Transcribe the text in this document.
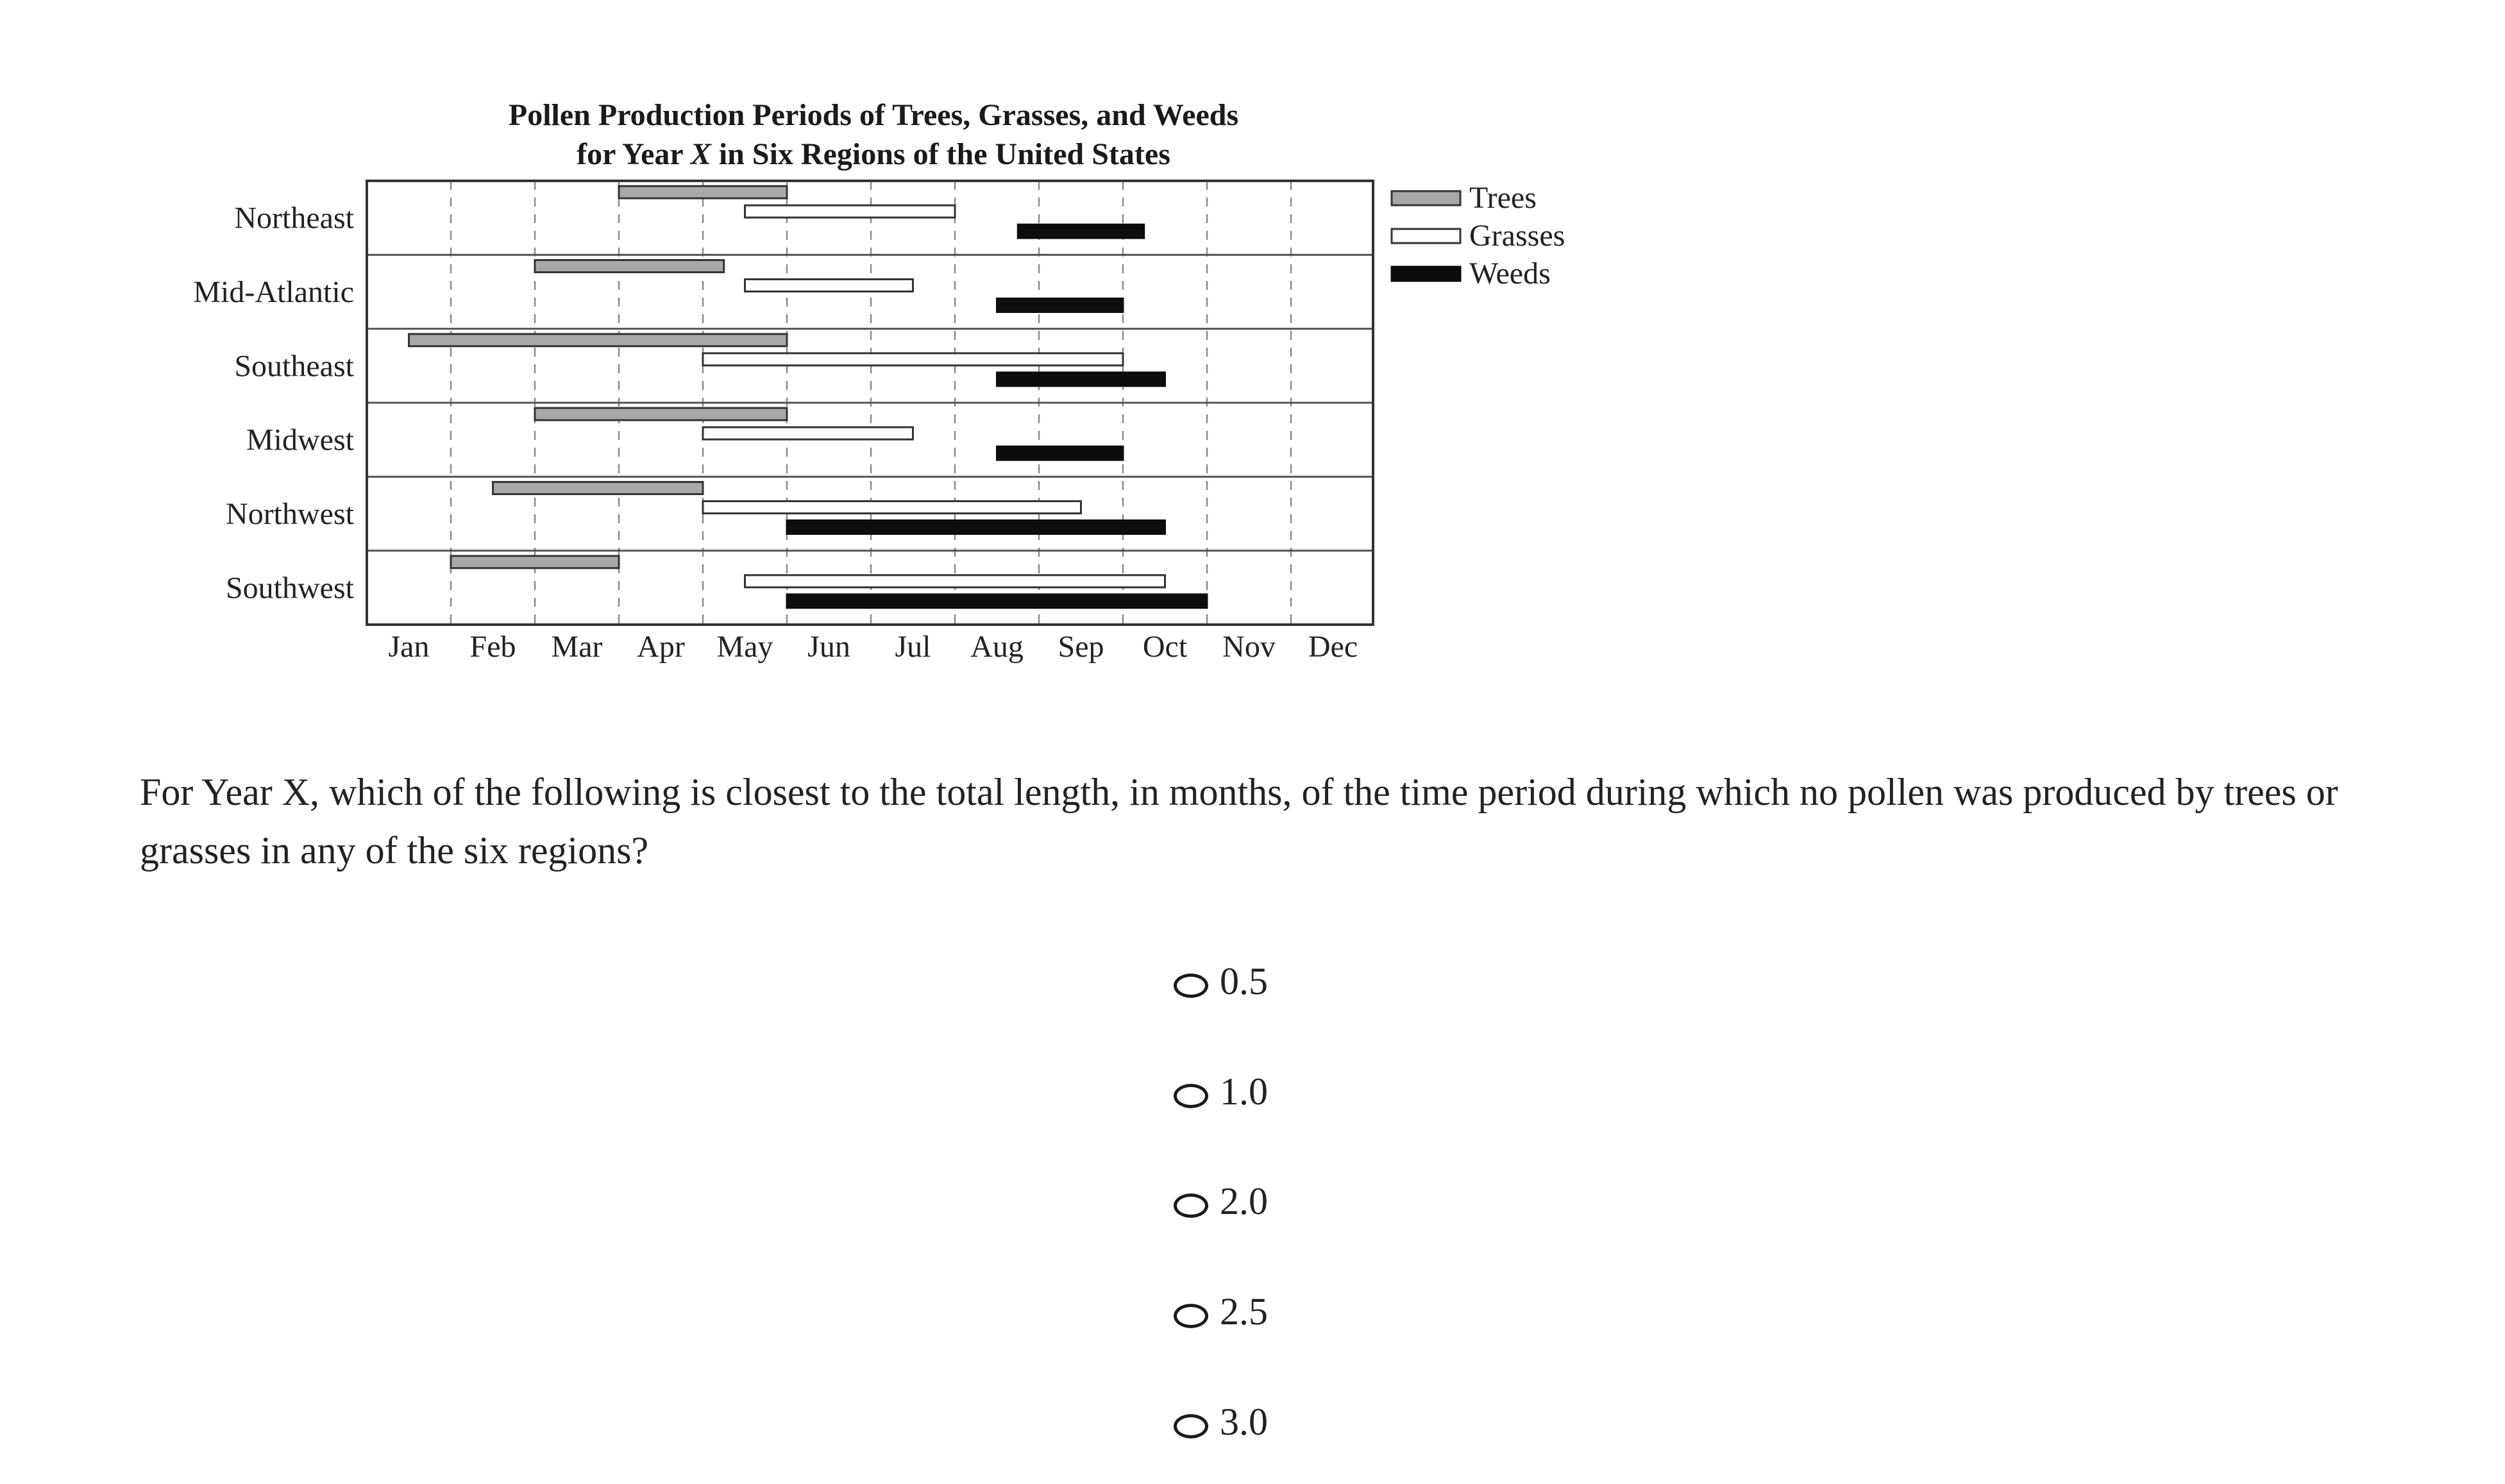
Pollen Production Periods of Trees, Grasses, and Weeds
for Year X in Six Regions of the United States
Northeast
Mid-Atlantic
Southeast
Midwest
Northwest
Southwest
Jan Feb Mar Apr May Jun Jul Aug Sep Oct Nov Dec
Trees
Grasses
Weeds
For Year X, which of the following is closest to the total length, in months, of the time period during which no pollen was produced by trees or grasses in any of the six regions?
0.5
1.0
2.0
2.5
3.0
